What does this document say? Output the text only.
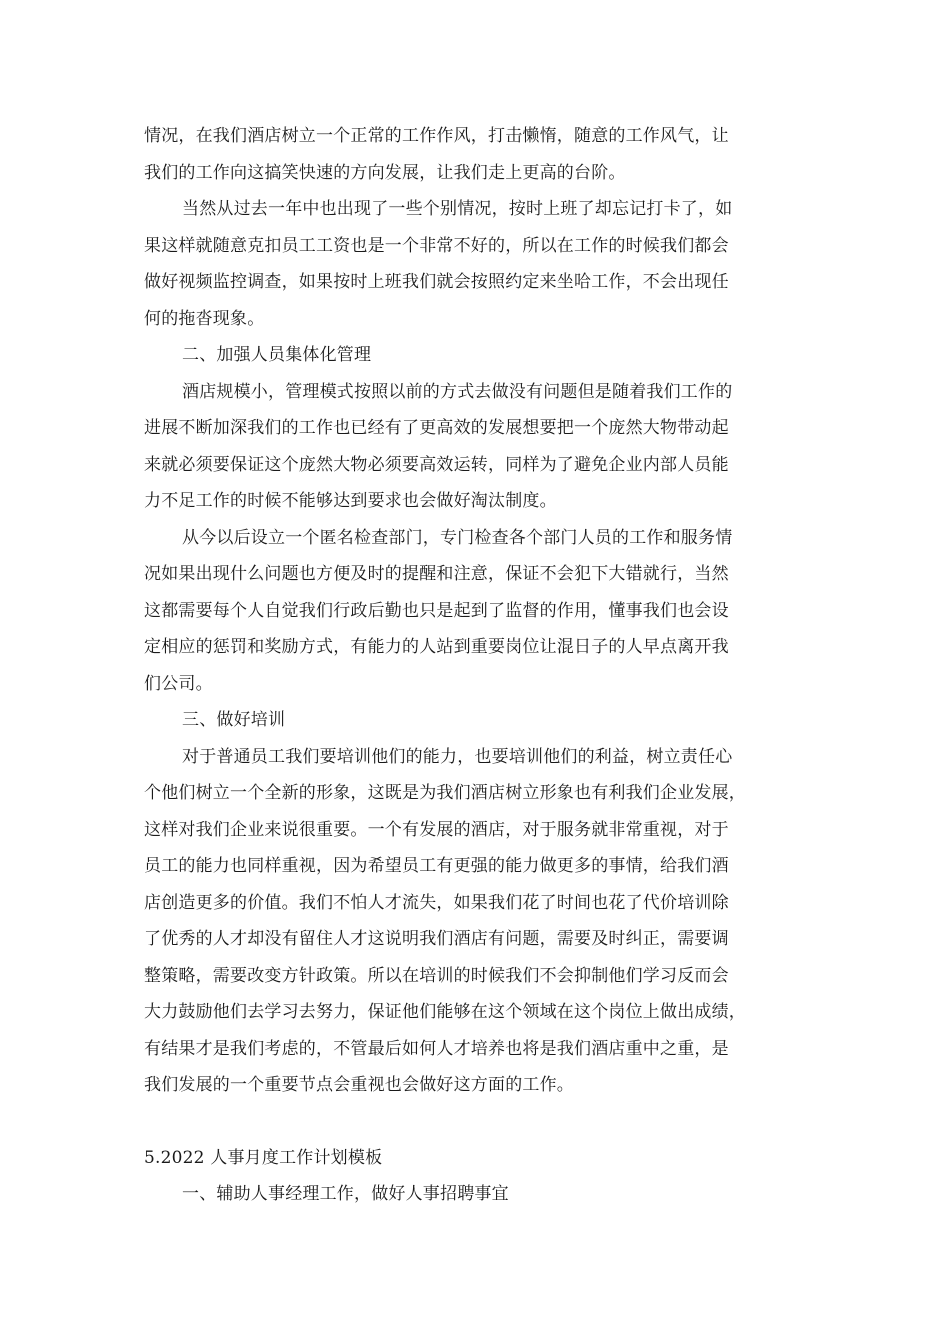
情况，在我们酒店树立一个正常的工作作风，打击懒惰，随意的工作风气，让
我们的工作向这搞笑快速的方向发展，让我们走上更高的台阶。
当然从过去一年中也出现了一些个别情况，按时上班了却忘记打卡了，如
果这样就随意克扣员工工资也是一个非常不好的，所以在工作的时候我们都会
做好视频监控调查，如果按时上班我们就会按照约定来坐哈工作，不会出现任
何的拖沓现象。
二、加强人员集体化管理
酒店规模小，管理模式按照以前的方式去做没有问题但是随着我们工作的
进展不断加深我们的工作也已经有了更高效的发展想要把一个庞然大物带动起
来就必须要保证这个庞然大物必须要高效运转，同样为了避免企业内部人员能
力不足工作的时候不能够达到要求也会做好淘汰制度。
从今以后设立一个匿名检查部门，专门检查各个部门人员的工作和服务情
况如果出现什么问题也方便及时的提醒和注意，保证不会犯下大错就行，当然
这都需要每个人自觉我们行政后勤也只是起到了监督的作用，懂事我们也会设
定相应的惩罚和奖励方式，有能力的人站到重要岗位让混日子的人早点离开我
们公司。
三、做好培训
对于普通员工我们要培训他们的能力，也要培训他们的利益，树立责任心
个他们树立一个全新的形象，这既是为我们酒店树立形象也有利我们企业发展，
这样对我们企业来说很重要。一个有发展的酒店，对于服务就非常重视，对于
员工的能力也同样重视，因为希望员工有更强的能力做更多的事情，给我们酒
店创造更多的价值。我们不怕人才流失，如果我们花了时间也花了代价培训除
了优秀的人才却没有留住人才这说明我们酒店有问题，需要及时纠正，需要调
整策略，需要改变方针政策。所以在培训的时候我们不会抑制他们学习反而会
大力鼓励他们去学习去努力，保证他们能够在这个领域在这个岗位上做出成绩，
有结果才是我们考虑的，不管最后如何人才培养也将是我们酒店重中之重，是
我们发展的一个重要节点会重视也会做好这方面的工作。
5.2022 人事月度工作计划模板
一、辅助人事经理工作，做好人事招聘事宜
